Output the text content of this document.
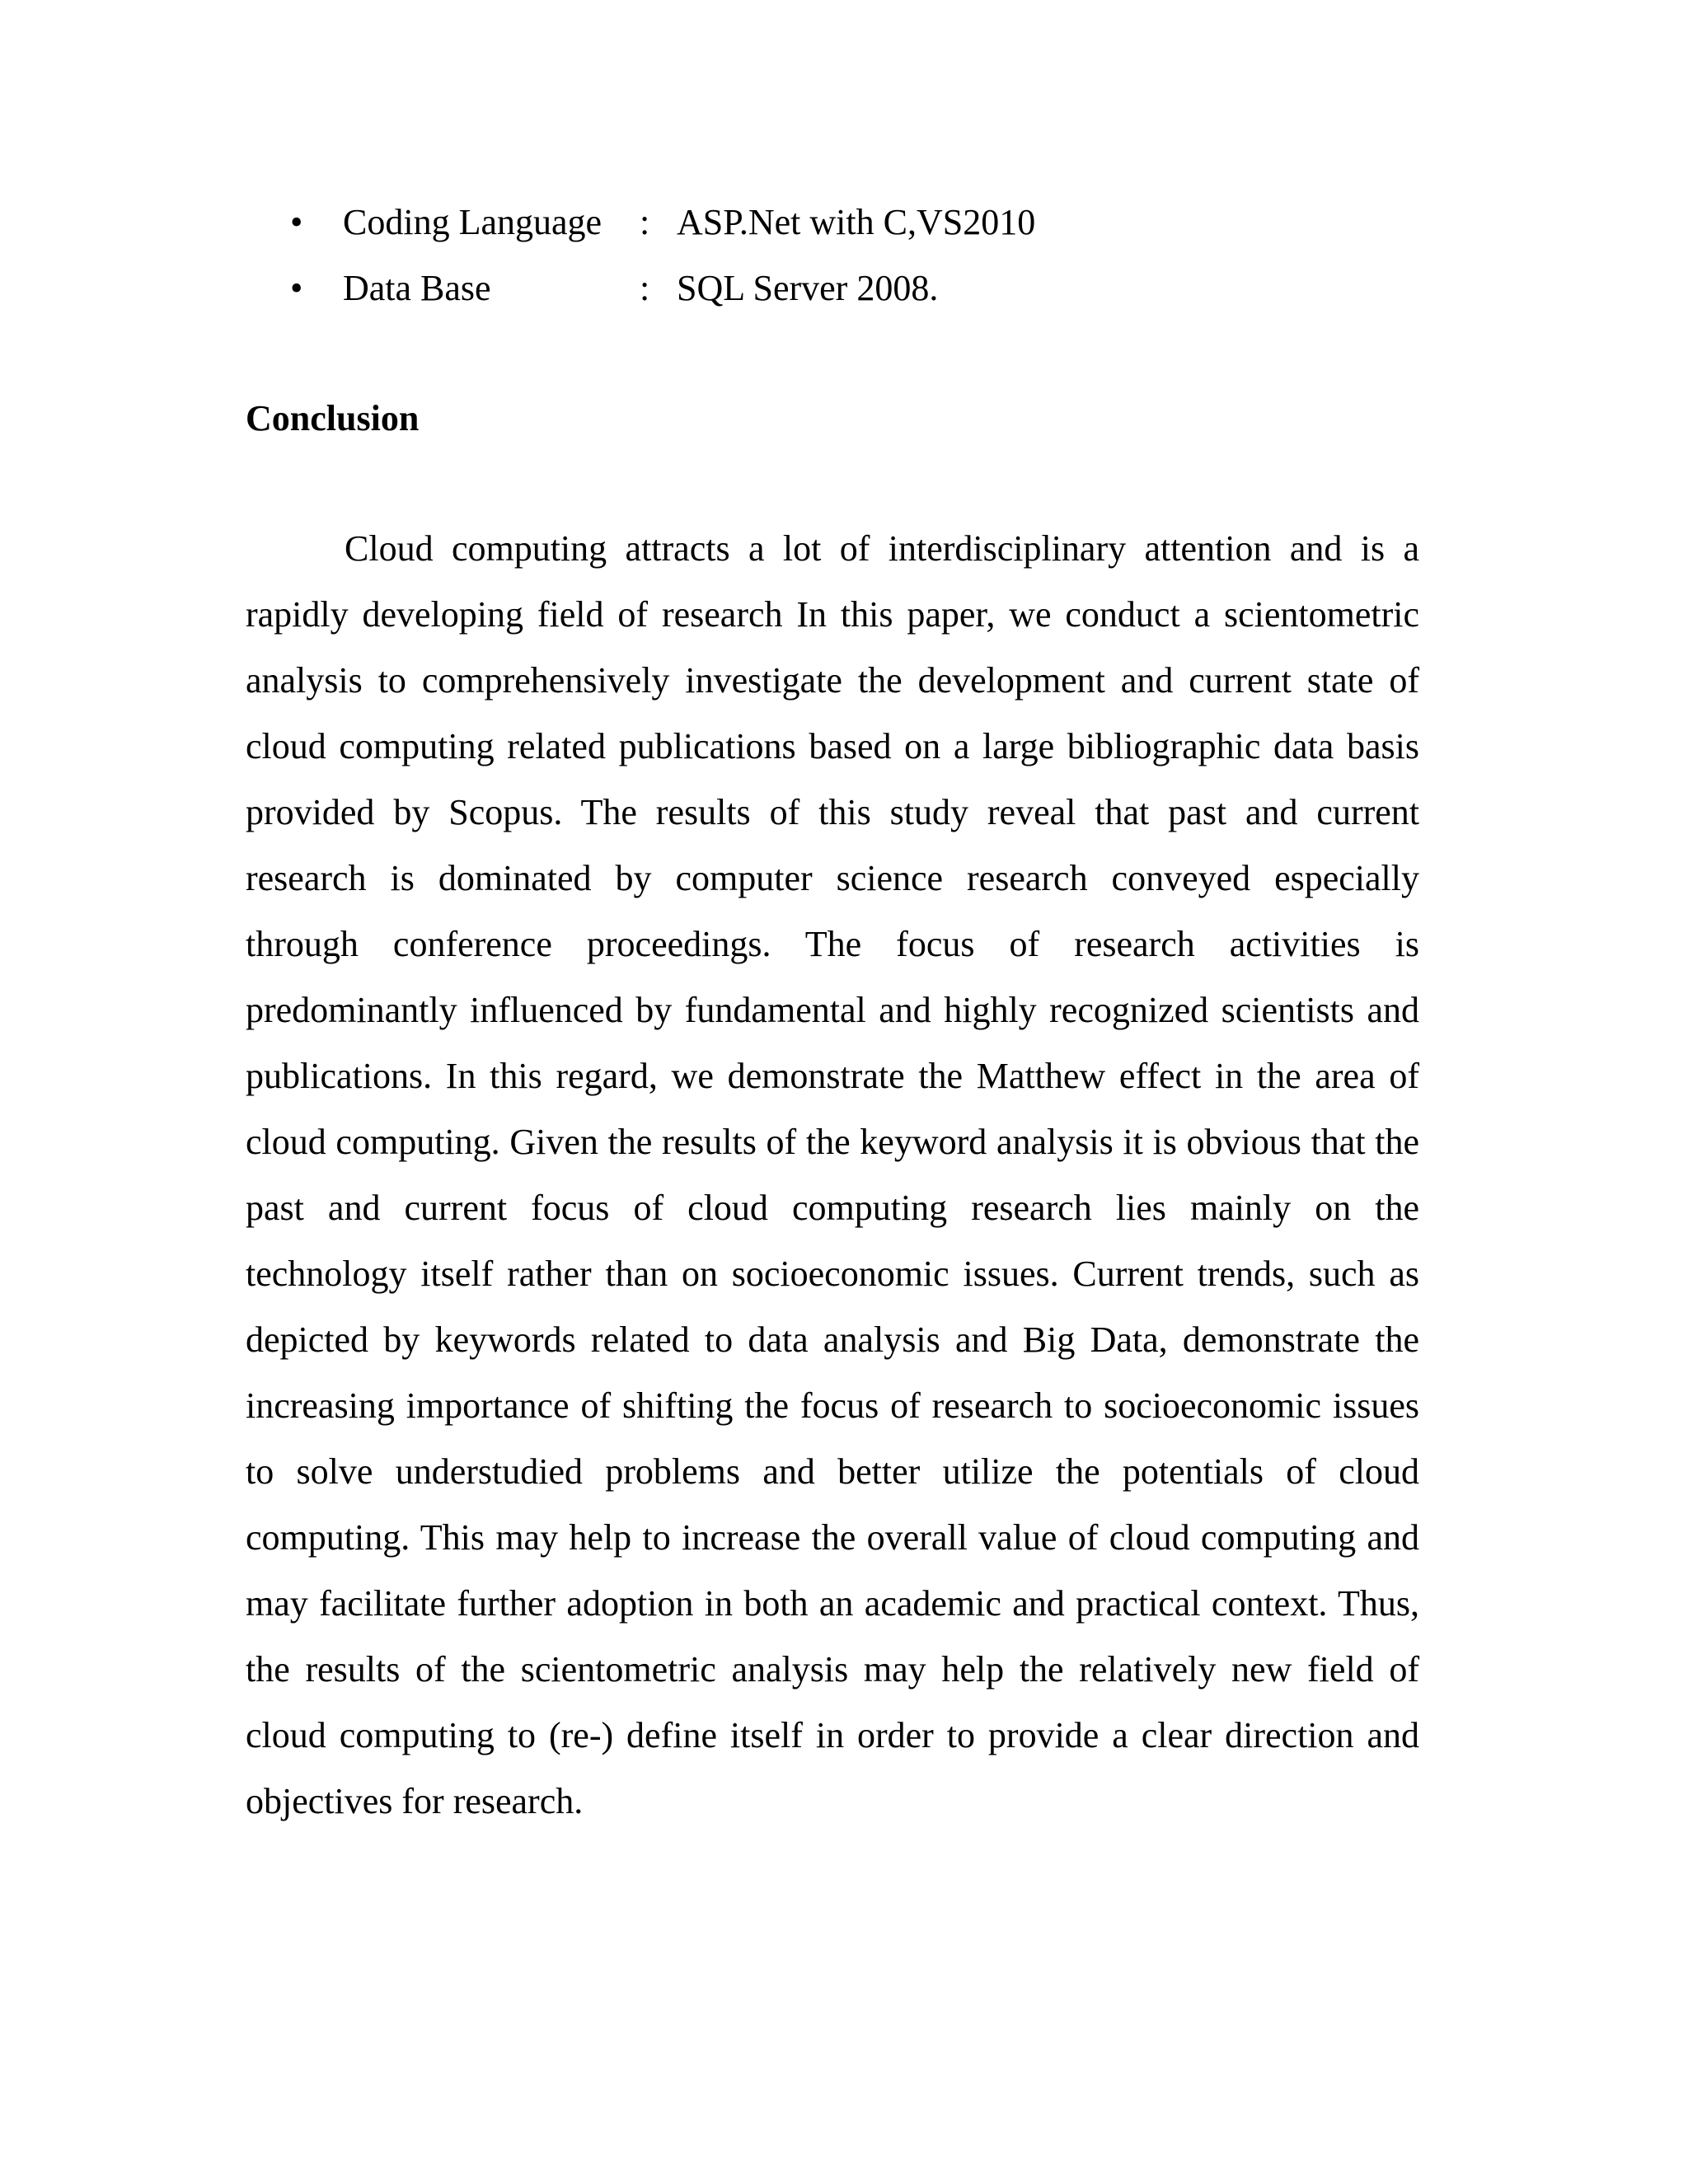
•	Coding Language	: ASP.Net with C,VS2010
•	Data Base	: SQL Server 2008.
Conclusion

Cloud computing attracts a lot of interdisciplinary attention and is a rapidly developing field of research In this paper, we conduct a scientometric analysis to comprehensively investigate the development and current state of cloud computing related publications based on a large bibliographic data basis provided by Scopus. The results of this study reveal that past and current research is dominated by computer science research conveyed especially through conference proceedings. The focus of research activities is predominantly influenced by fundamental and highly recognized scientists and publications. In this regard, we demonstrate the Matthew effect in the area of cloud computing. Given the results of the keyword analysis it is obvious that the past and current focus of cloud computing research lies mainly on the technology itself rather than on socioeconomic issues. Current trends, such as depicted by keywords related to data analysis and Big Data, demonstrate the increasing importance of shifting the focus of research to socioeconomic issues to solve understudied problems and better utilize the potentials of cloud computing. This may help to increase the overall value of cloud computing and may facilitate further adoption in both an academic and practical context. Thus, the results of the scientometric analysis may help the relatively new field of cloud computing to (re-) define itself in order to provide a clear direction and objectives for research.
